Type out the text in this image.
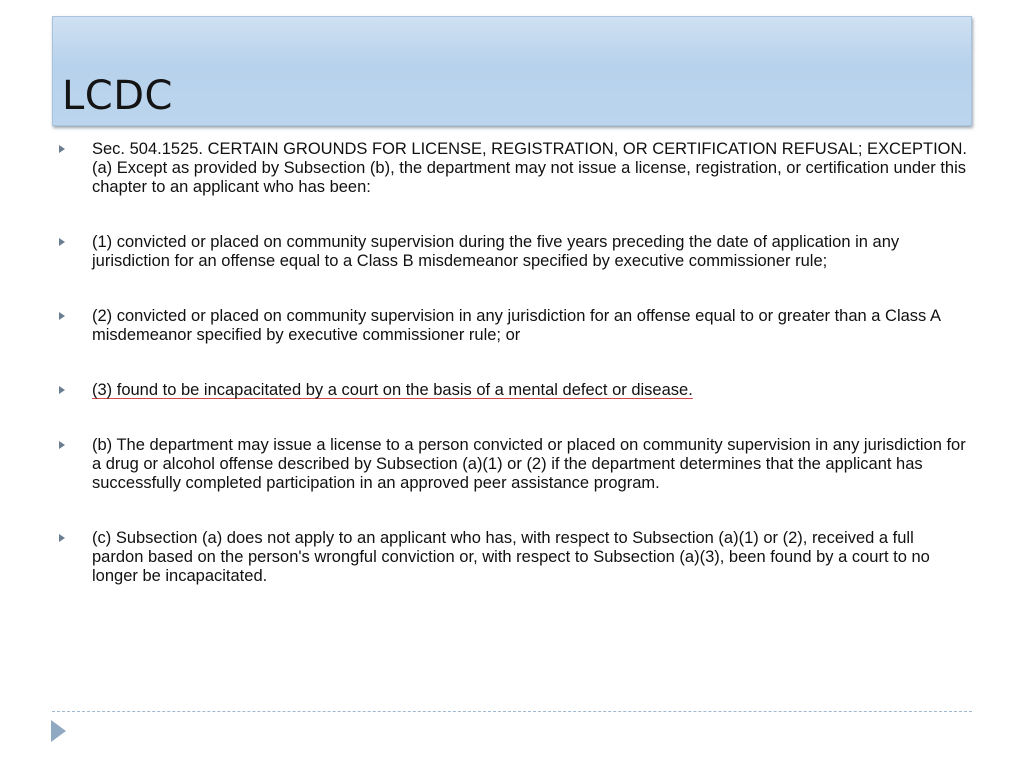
LCDC
Sec. 504.1525. CERTAIN GROUNDS FOR LICENSE, REGISTRATION, OR CERTIFICATION REFUSAL; EXCEPTION. (a) Except as provided by Subsection (b), the department may not issue a license, registration, or certification under this chapter to an applicant who has been:
(1) convicted or placed on community supervision during the five years preceding the date of application in any jurisdiction for an offense equal to a Class B misdemeanor specified by executive commissioner rule;
(2) convicted or placed on community supervision in any jurisdiction for an offense equal to or greater than a Class A misdemeanor specified by executive commissioner rule; or
(3) found to be incapacitated by a court on the basis of a mental defect or disease.
(b) The department may issue a license to a person convicted or placed on community supervision in any jurisdiction for a drug or alcohol offense described by Subsection (a)(1) or (2) if the department determines that the applicant has successfully completed participation in an approved peer assistance program.
(c) Subsection (a) does not apply to an applicant who has, with respect to Subsection (a)(1) or (2), received a full pardon based on the person's wrongful conviction or, with respect to Subsection (a)(3), been found by a court to no longer be incapacitated.
